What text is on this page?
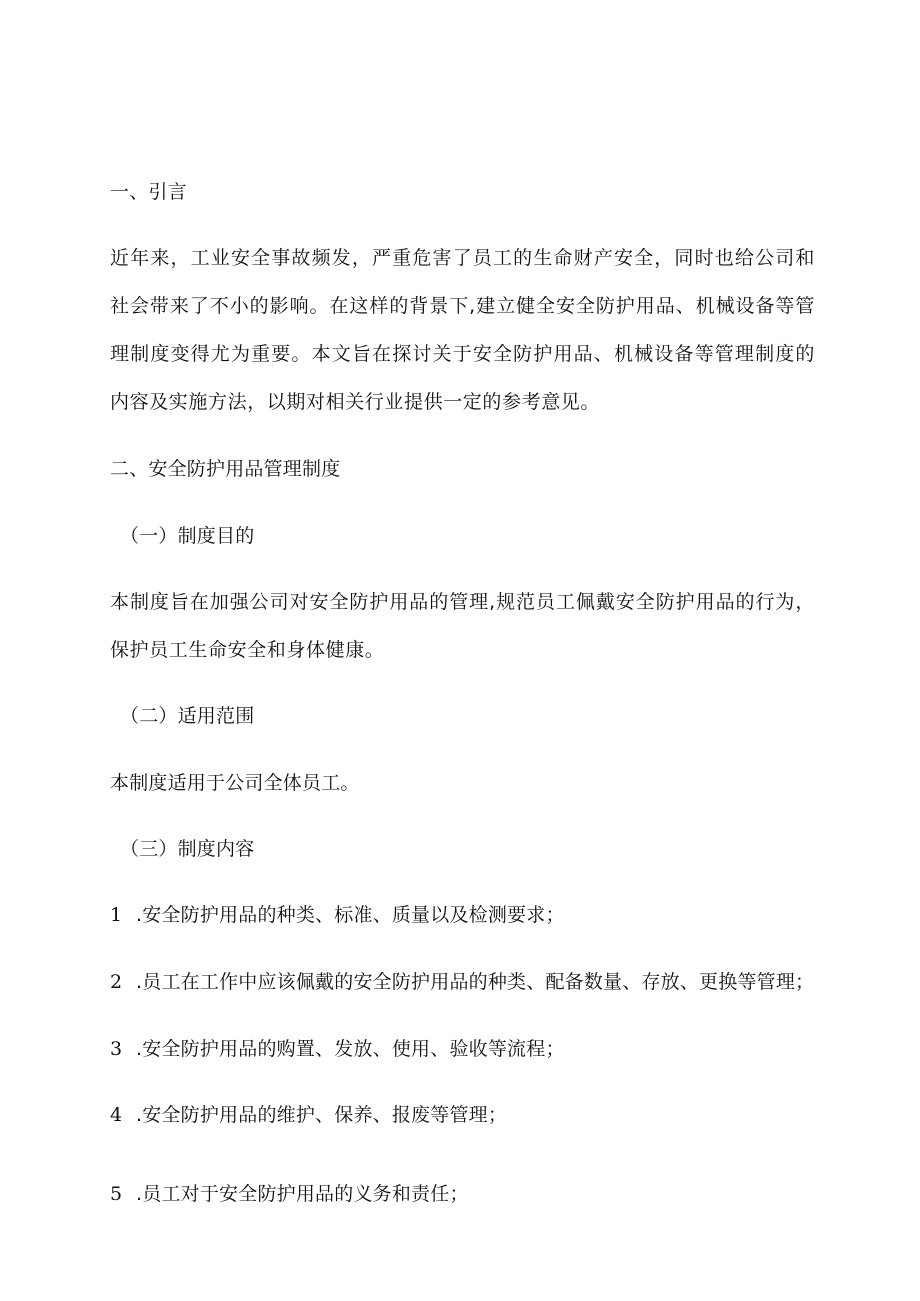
一、引言
近年来，工业安全事故频发，严重危害了员工的生命财产安全，同时也给公司和社会带来了不小的影响。在这样的背景下,建立健全安全防护用品、机械设备等管理制度变得尤为重要。本文旨在探讨关于安全防护用品、机械设备等管理制度的内容及实施方法，以期对相关行业提供一定的参考意见。
二、安全防护用品管理制度
（一）制度目的
本制度旨在加强公司对安全防护用品的管理,规范员工佩戴安全防护用品的行为，保护员工生命安全和身体健康。
（二）适用范围
本制度适用于公司全体员工。
（三）制度内容
1 .安全防护用品的种类、标准、质量以及检测要求；
2 .员工在工作中应该佩戴的安全防护用品的种类、配备数量、存放、更换等管理；
3 .安全防护用品的购置、发放、使用、验收等流程；
4 .安全防护用品的维护、保养、报废等管理；
5 .员工对于安全防护用品的义务和责任；
